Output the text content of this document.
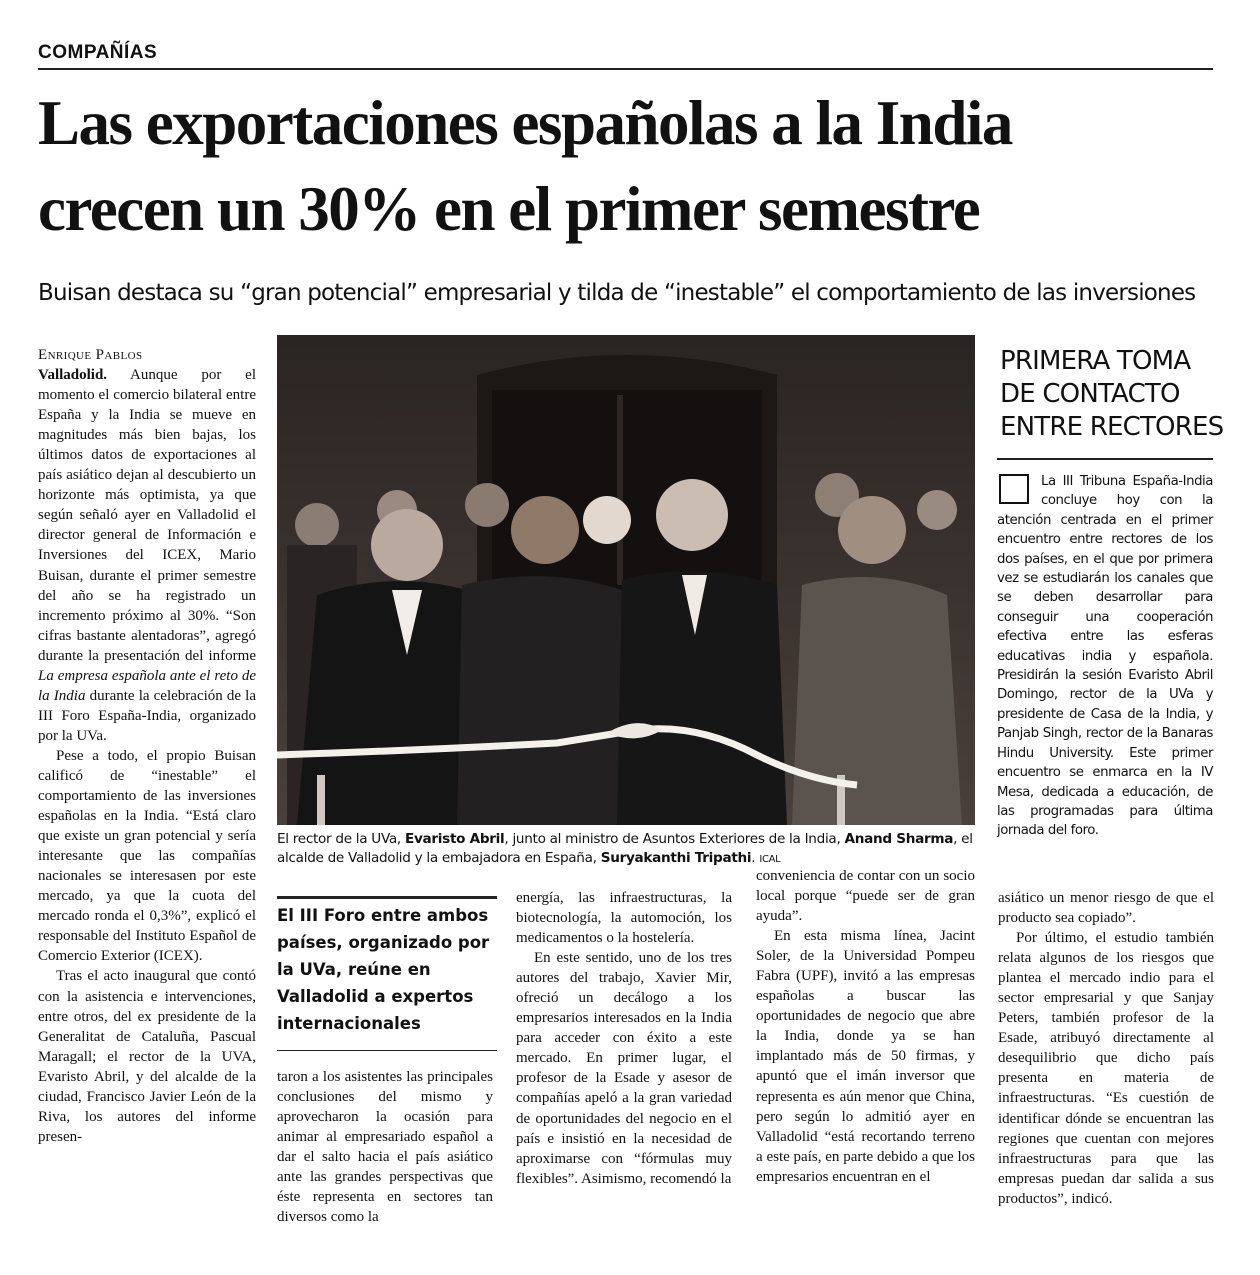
COMPAÑÍAS
Las exportaciones españolas a la India
crecen un 30% en el primer semestre
Buisan destaca su “gran potencial” empresarial y tilda de “inestable” el comportamiento de las inversiones
Enrique Pablos

Valladolid. Aunque por el momento el comercio bilateral entre España y la India se mueve en magnitudes más bien bajas, los últimos datos de exportaciones al país asiático dejan al descubierto un horizonte más optimista, ya que según señaló ayer en Valladolid el director general de Información e Inversiones del ICEX, Mario Buisan, durante el primer semestre del año se ha registrado un incremento próximo al 30%. “Son cifras bastante alentadoras”, agregó durante la presentación del informe La empresa española ante el reto de la India durante la celebración de la III Foro España-India, organizado por la UVa.

Pese a todo, el propio Buisan calificó de “inestable” el comportamiento de las inversiones españolas en la India. “Está claro que existe un gran potencial y sería interesante que las compañías nacionales se interesasen por este mercado, ya que la cuota del mercado ronda el 0,3%”, explicó el responsable del Instituto Español de Comercio Exterior (ICEX).

Tras el acto inaugural que contó con la asistencia e intervenciones, entre otros, del ex presidente de la Generalitat de Cataluña, Pascual Maragall; el rector de la UVA, Evaristo Abril, y del alcalde de la ciudad, Francisco Javier León de la Riva, los autores del informe presen-

El rector de la UVa, Evaristo Abril, junto al ministro de Asuntos Exteriores de la India, Anand Sharma, el alcalde de Valladolid y la embajadora en España, Suryakanthi Tripathi. ICAL
PRIMERA TOMA
DE CONTACTO
ENTRE RECTORES

La III Tribuna España-India concluye hoy con la atención centrada en el primer encuentro entre rectores de los dos países, en el que por primera vez se estudiarán los canales que se deben desarrollar para conseguir una cooperación efectiva entre las esferas educativas india y española. Presidirán la sesión Evaristo Abril Domingo, rector de la UVa y presidente de Casa de la India, y Panjab Singh, rector de la Banaras Hindu University. Este primer encuentro se enmarca en la IV Mesa, dedicada a educación, de las programadas para última jornada del foro.

El III Foro entre ambos países, organizado por la UVa, reúne en Valladolid a expertos internacionales

taron a los asistentes las principales conclusiones del mismo y aprovecharon la ocasión para animar al empresariado español a dar el salto hacia el país asiático ante las grandes perspectivas que éste representa en sectores tan diversos como la

energía, las infraestructuras, la biotecnología, la automoción, los medicamentos o la hostelería.

En este sentido, uno de los tres autores del trabajo, Xavier Mir, ofreció un decálogo a los empresarios interesados en la India para acceder con éxito a este mercado. En primer lugar, el profesor de la Esade y asesor de compañías apeló a la gran variedad de oportunidades del negocio en el país e insistió en la necesidad de aproximarse con “fórmulas muy flexibles”. Asimismo, recomendó la

conveniencia de contar con un socio local porque “puede ser de gran ayuda”.

En esta misma línea, Jacint Soler, de la Universidad Pompeu Fabra (UPF), invitó a las empresas españolas a buscar las oportunidades de negocio que abre la India, donde ya se han implantado más de 50 firmas, y apuntó que el imán inversor que representa es aún menor que China, pero según lo admitió ayer en Valladolid “está recortando terreno a este país, en parte debido a que los empresarios encuentran en el

asiático un menor riesgo de que el producto sea copiado”.

Por último, el estudio también relata algunos de los riesgos que plantea el mercado indio para el sector empresarial y que Sanjay Peters, también profesor de la Esade, atribuyó directamente al desequilibrio que dicho país presenta en materia de infraestructuras. “Es cuestión de identificar dónde se encuentran las regiones que cuentan con mejores infraestructuras para que las empresas puedan dar salida a sus productos”, indicó.
